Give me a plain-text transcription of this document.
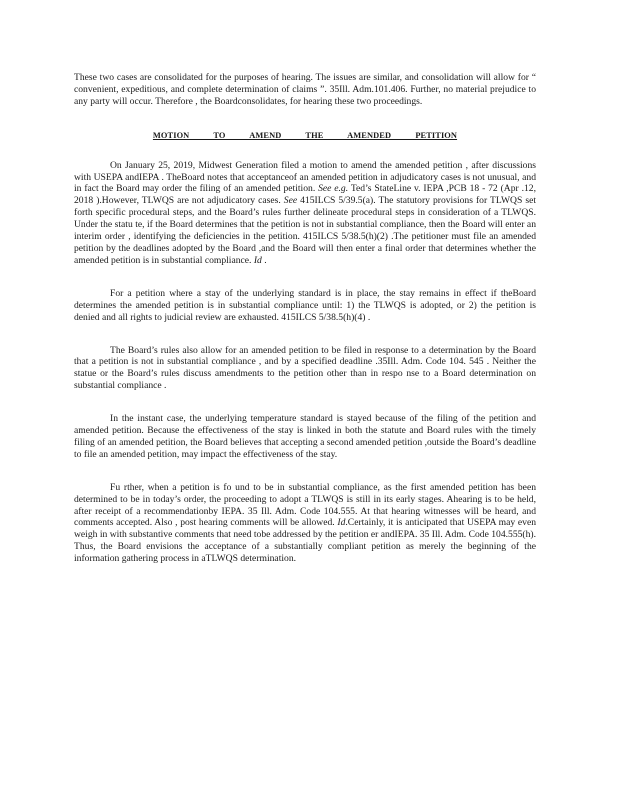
These two cases are consolidated for the purposes of hearing. The issues are similar, and consolidation will allow for “ convenient, expeditious, and complete determination of claims ”. 35Ill. Adm.101.406. Further, no material prejudice to any party will occur. Therefore , the Boardconsolidates, for hearing these two proceedings.

MOTION TO AMEND THE AMENDED PETITION

On January 25, 2019, Midwest Generation filed a motion to amend the amended petition , after discussions with USEPA andIEPA . TheBoard notes that acceptanceof an amended petition in adjudicatory cases is not unusual, and in fact the Board may order the filing of an amended petition. See e.g. Ted’s StateLine v. IEPA ,PCB 18 - 72 (Apr .12, 2018 ).However, TLWQS are not adjudicatory cases. See 415ILCS 5/39.5(a). The statutory provisions for TLWQS set forth specific procedural steps, and the Board’s rules further delineate procedural steps in consideration of a TLWQS. Under the statu te, if the Board determines that the petition is not in substantial compliance, then the Board will enter an interim order , identifying the deficiencies in the petition. 415ILCS 5/38.5(h)(2) .The petitioner must file an amended petition by the deadlines adopted by the Board ,and the Board will then enter a final order that determines whether the amended petition is in substantial compliance. Id .

For a petition where a stay of the underlying standard is in place, the stay remains in effect if theBoard determines the amended petition is in substantial compliance until: 1) the TLWQS is adopted, or 2) the petition is denied and all rights to judicial review are exhausted. 415ILCS 5/38.5(h)(4) .

The Board’s rules also allow for an amended petition to be filed in response to a determination by the Board that a petition is not in substantial compliance , and by a specified deadline .35Ill. Adm. Code 104. 545 . Neither the statue or the Board’s rules discuss amendments to the petition other than in respo nse to a Board determination on substantial compliance .

In the instant case, the underlying temperature standard is stayed because of the filing of the petition and amended petition. Because the effectiveness of the stay is linked in both the statute and Board rules with the timely filing of an amended petition, the Board believes that accepting a second amended petition ,outside the Board’s deadline to file an amended petition, may impact the effectiveness of the stay.

Fu rther, when a petition is fo und to be in substantial compliance, as the first amended petition has been determined to be in today’s order, the proceeding to adopt a TLWQS is still in its early stages. Ahearing is to be held, after receipt of a recommendationby IEPA. 35 Ill. Adm. Code 104.555. At that hearing witnesses will be heard, and comments accepted. Also , post hearing comments will be allowed. Id.Certainly, it is anticipated that USEPA may even weigh in with substantive comments that need tobe addressed by the petition er andIEPA. 35 Ill. Adm. Code 104.555(h). Thus, the Board envisions the acceptance of a substantially compliant petition as merely the beginning of the information gathering process in aTLWQS determination.
